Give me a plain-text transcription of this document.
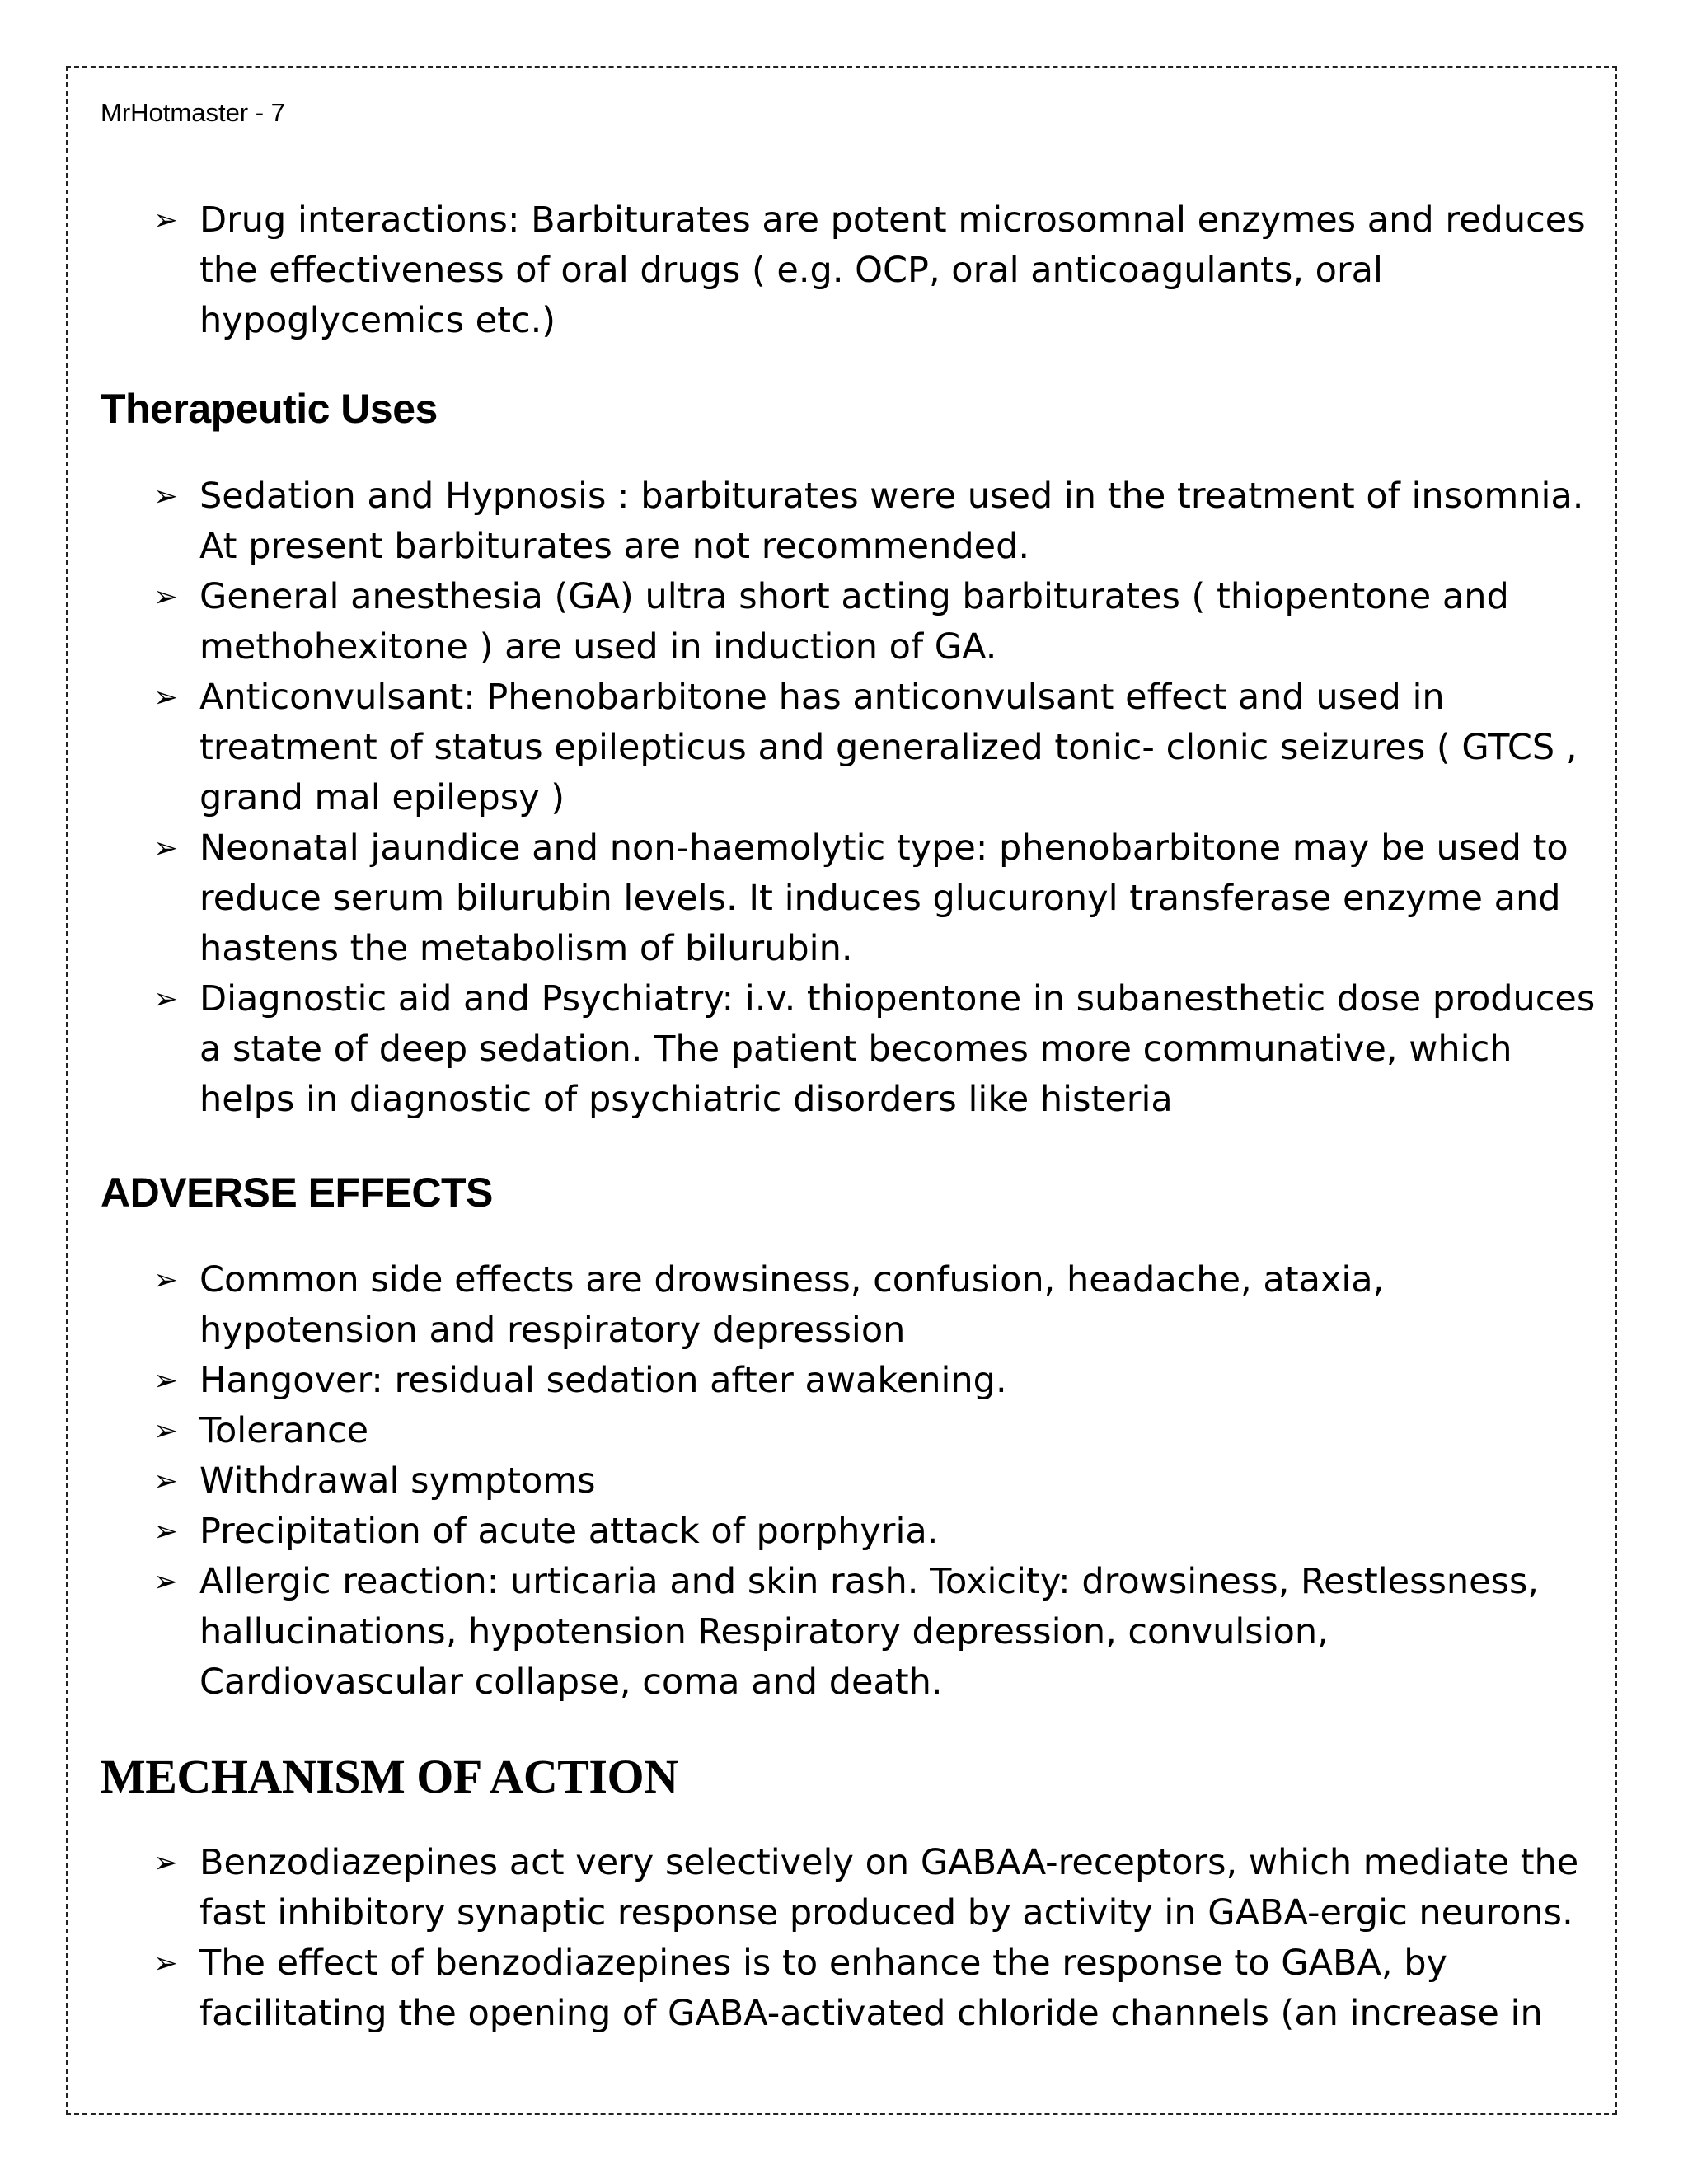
MrHotmaster - 7
➢ Drug interactions: Barbiturates are potent microsomnal enzymes and reduces the effectiveness of oral drugs ( e.g. OCP, oral anticoagulants, oral hypoglycemics etc.)
Therapeutic Uses
➢ Sedation and Hypnosis : barbiturates were used in the treatment of insomnia. At present barbiturates are not recommended.
➢ General anesthesia (GA) ultra short acting barbiturates ( thiopentone and methohexitone ) are used in induction of GA.
➢ Anticonvulsant: Phenobarbitone has anticonvulsant effect and used in treatment of status epilepticus and generalized tonic- clonic seizures ( GTCS , grand mal epilepsy )
➢ Neonatal jaundice and non-haemolytic type: phenobarbitone may be used to reduce serum bilurubin levels. It induces glucuronyl transferase enzyme and hastens the metabolism of bilurubin.
➢ Diagnostic aid and Psychiatry: i.v. thiopentone in subanesthetic dose produces a state of deep sedation. The patient becomes more communative, which helps in diagnostic of psychiatric disorders like histeria
ADVERSE EFFECTS
➢ Common side effects are drowsiness, confusion, headache, ataxia, hypotension and respiratory depression
➢ Hangover: residual sedation after awakening.
➢ Tolerance
➢ Withdrawal symptoms
➢ Precipitation of acute attack of porphyria.
➢ Allergic reaction: urticaria and skin rash. Toxicity: drowsiness, Restlessness, hallucinations, hypotension Respiratory depression, convulsion, Cardiovascular collapse, coma and death.
MECHANISM OF ACTION
➢ Benzodiazepines act very selectively on GABAA-receptors, which mediate the fast inhibitory synaptic response produced by activity in GABA-ergic neurons.
➢ The effect of benzodiazepines is to enhance the response to GABA, by facilitating the opening of GABA-activated chloride channels (an increase in
